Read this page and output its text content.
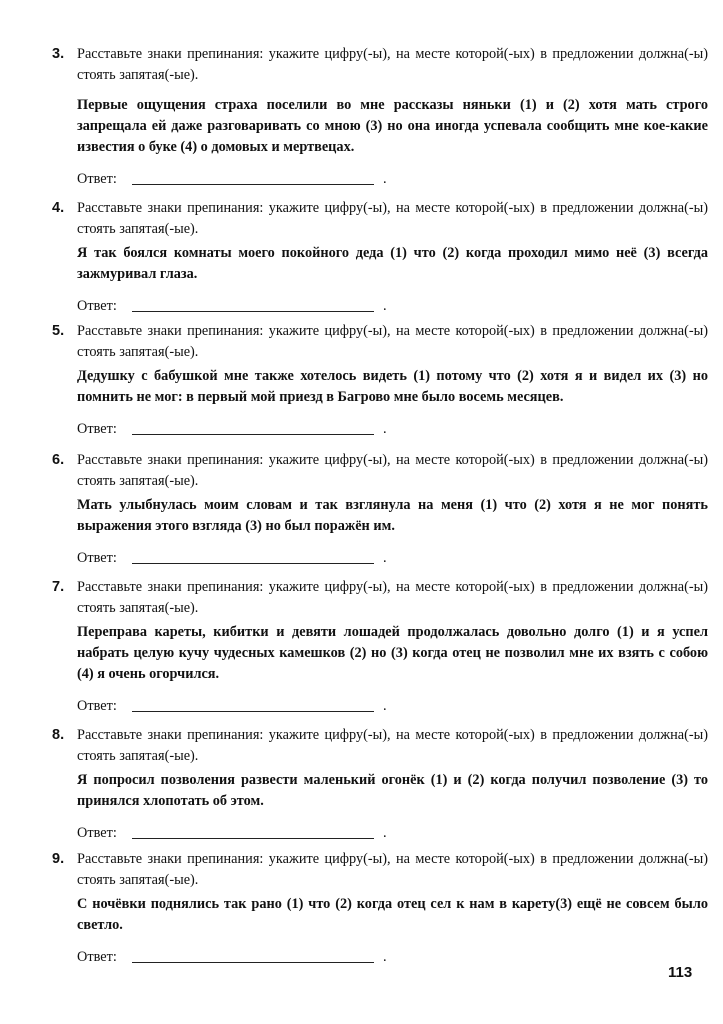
3. Расставьте знаки препинания: укажите цифру(-ы), на месте которой(-ых) в предложении должна(-ы) стоять запятая(-ые).
Первые ощущения страха поселили во мне рассказы няньки (1) и (2) хотя мать строго запрещала ей даже разговаривать со мною (3) но она иногда успевала сообщить мне кое-какие известия о буке (4) о домовых и мертвецах.
Ответ:	.
4. Расставьте знаки препинания: укажите цифру(-ы), на месте которой(-ых) в предложении должна(-ы) стоять запятая(-ые).
Я так боялся комнаты моего покойного деда (1) что (2) когда проходил мимо неё (3) всегда зажмуривал глаза.
Ответ:	.
5. Расставьте знаки препинания: укажите цифру(-ы), на месте которой(-ых) в предложении должна(-ы) стоять запятая(-ые).
Дедушку с бабушкой мне также хотелось видеть (1) потому что (2) хотя я и видел их (3) но помнить не мог: в первый мой приезд в Багрово мне было восемь месяцев.
Ответ:	.
6. Расставьте знаки препинания: укажите цифру(-ы), на месте которой(-ых) в предложении должна(-ы) стоять запятая(-ые).
Мать улыбнулась моим словам и так взглянула на меня (1) что (2) хотя я не мог понять выражения этого взгляда (3) но был поражён им.
Ответ:	.
7. Расставьте знаки препинания: укажите цифру(-ы), на месте которой(-ых) в предложении должна(-ы) стоять запятая(-ые).
Переправа кареты, кибитки и девяти лошадей продолжалась довольно долго (1) и я успел набрать целую кучу чудесных камешков (2) но (3) когда отец не позволил мне их взять с собою (4) я очень огорчился.
Ответ:	.
8. Расставьте знаки препинания: укажите цифру(-ы), на месте которой(-ых) в предложении должна(-ы) стоять запятая(-ые).
Я попросил позволения развести маленький огонёк (1) и (2) когда получил позволение (3) то принялся хлопотать об этом.
Ответ:	.
9. Расставьте знаки препинания: укажите цифру(-ы), на месте которой(-ых) в предложении должна(-ы) стоять запятая(-ые).
С ночёвки поднялись так рано (1) что (2) когда отец сел к нам в карету(3) ещё не совсем было светло.
Ответ:	.
113
